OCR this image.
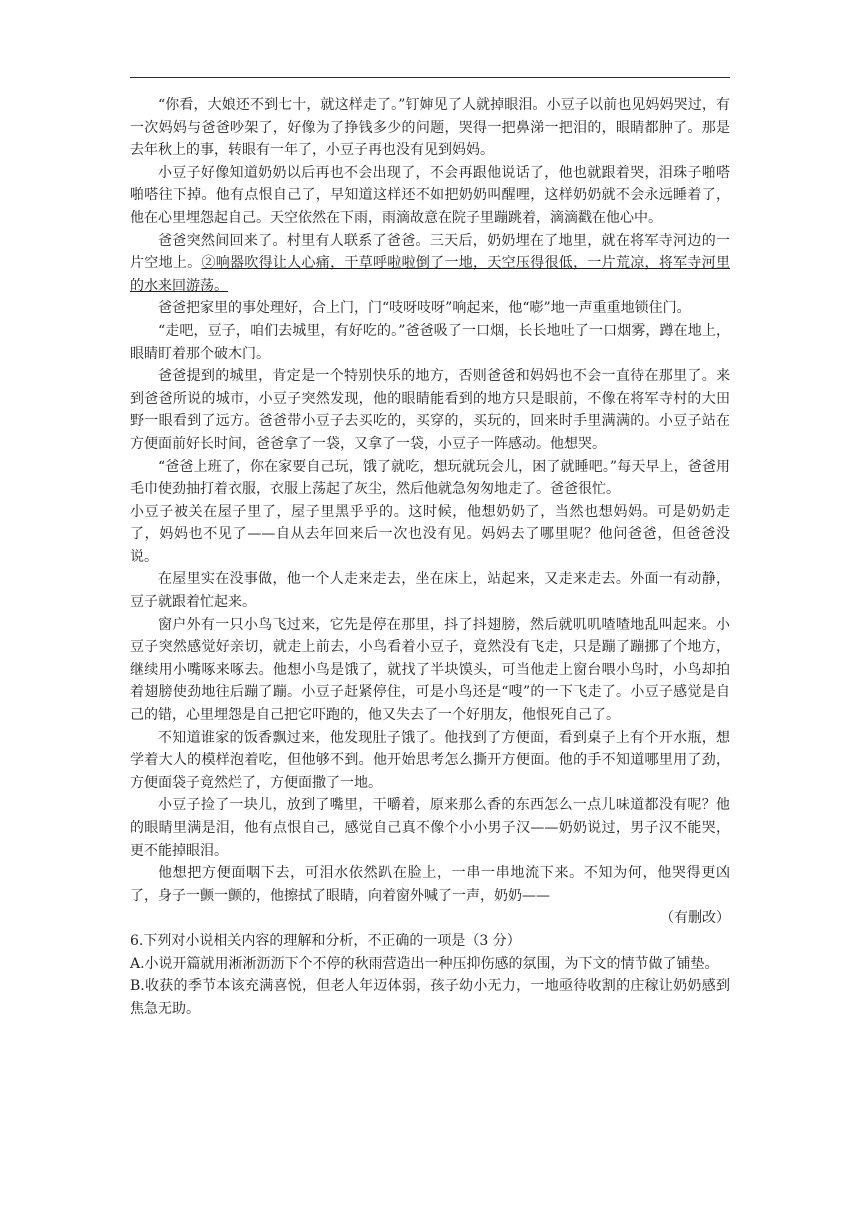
“你看，大娘还不到七十，就这样走了。”钉婶见了人就掉眼泪。小豆子以前也见妈妈哭过，有一次妈妈与爸爸吵架了，好像为了挣钱多少的问题，哭得一把鼻涕一把泪的，眼睛都肿了。那是去年秋上的事，转眼有一年了，小豆子再也没有见到妈妈。

小豆子好像知道奶奶以后再也不会出现了，不会再跟他说话了，他也就跟着哭，泪珠子啪嗒啪嗒往下掉。他有点恨自己了，早知道这样还不如把奶奶叫醒哩，这样奶奶就不会永远睡着了，他在心里埋怨起自己。天空依然在下雨，雨滴故意在院子里蹦跳着，滴滴戳在他心中。

爸爸突然间回来了。村里有人联系了爸爸。三天后，奶奶埋在了地里，就在将军寺河边的一片空地上。②响器吹得让人心痛，干草呼啦啦倒了一地，天空压得很低，一片荒凉，将军寺河里的水来回游荡。

爸爸把家里的事处理好，合上门，门“吱呀吱呀”响起来，他“嘭”地一声重重地锁住门。

“走吧，豆子，咱们去城里，有好吃的。”爸爸吸了一口烟，长长地吐了一口烟雾，蹲在地上，眼睛盯着那个破木门。

爸爸提到的城里，肯定是一个特别快乐的地方，否则爸爸和妈妈也不会一直待在那里了。来到爸爸所说的城市，小豆子突然发现，他的眼睛能看到的地方只是眼前，不像在将军寺村的大田野一眼看到了远方。爸爸带小豆子去买吃的，买穿的，买玩的，回来时手里满满的。小豆子站在方便面前好长时间，爸爸拿了一袋，又拿了一袋，小豆子一阵感动。他想哭。

“爸爸上班了，你在家要自己玩，饿了就吃，想玩就玩会儿，困了就睡吧。”每天早上，爸爸用毛巾使劲抽打着衣服，衣服上荡起了灰尘，然后他就急匆匆地走了。爸爸很忙。

小豆子被关在屋子里了，屋子里黑乎乎的。这时候，他想奶奶了，当然也想妈妈。可是奶奶走了，妈妈也不见了——自从去年回来后一次也没有见。妈妈去了哪里呢？他问爸爸，但爸爸没说。

在屋里实在没事做，他一个人走来走去，坐在床上，站起来，又走来走去。外面一有动静，豆子就跟着忙起来。

窗户外有一只小鸟飞过来，它先是停在那里，抖了抖翅膀，然后就叽叽喳喳地乱叫起来。小豆子突然感觉好亲切，就走上前去，小鸟看着小豆子，竟然没有飞走，只是蹦了蹦挪了个地方，继续用小嘴啄来啄去。他想小鸟是饿了，就找了半块馍头，可当他走上窗台喂小鸟时，小鸟却拍着翅膀使劲地往后蹦了蹦。小豆子赶紧停住，可是小鸟还是“嗖”的一下飞走了。小豆子感觉是自己的错，心里埋怨是自己把它吓跑的，他又失去了一个好朋友，他恨死自己了。

不知道谁家的饭香飘过来，他发现肚子饿了。他找到了方便面，看到桌子上有个开水瓶，想学着大人的模样泡着吃，但他够不到。他开始思考怎么撕开方便面。他的手不知道哪里用了劲，方便面袋子竟然烂了，方便面撒了一地。

小豆子捡了一块儿，放到了嘴里，干嚼着，原来那么香的东西怎么一点儿味道都没有呢？他的眼睛里满是泪，他有点恨自己，感觉自己真不像个小小男子汉——奶奶说过，男子汉不能哭，更不能掉眼泪。

他想把方便面咽下去，可泪水依然趴在脸上，一串一串地流下来。不知为何，他哭得更凶了，身子一颤一颤的，他擦拭了眼睛，向着窗外喊了一声，奶奶——

（有删改）

6.下列对小说相关内容的理解和分析，不正确的一项是（3 分）

A.小说开篇就用淅淅沥沥下个不停的秋雨营造出一种压抑伤感的氛围，为下文的情节做了铺垫。

B.收获的季节本该充满喜悦，但老人年迈体弱，孩子幼小无力，一地亟待收割的庄稼让奶奶感到焦急无助。
